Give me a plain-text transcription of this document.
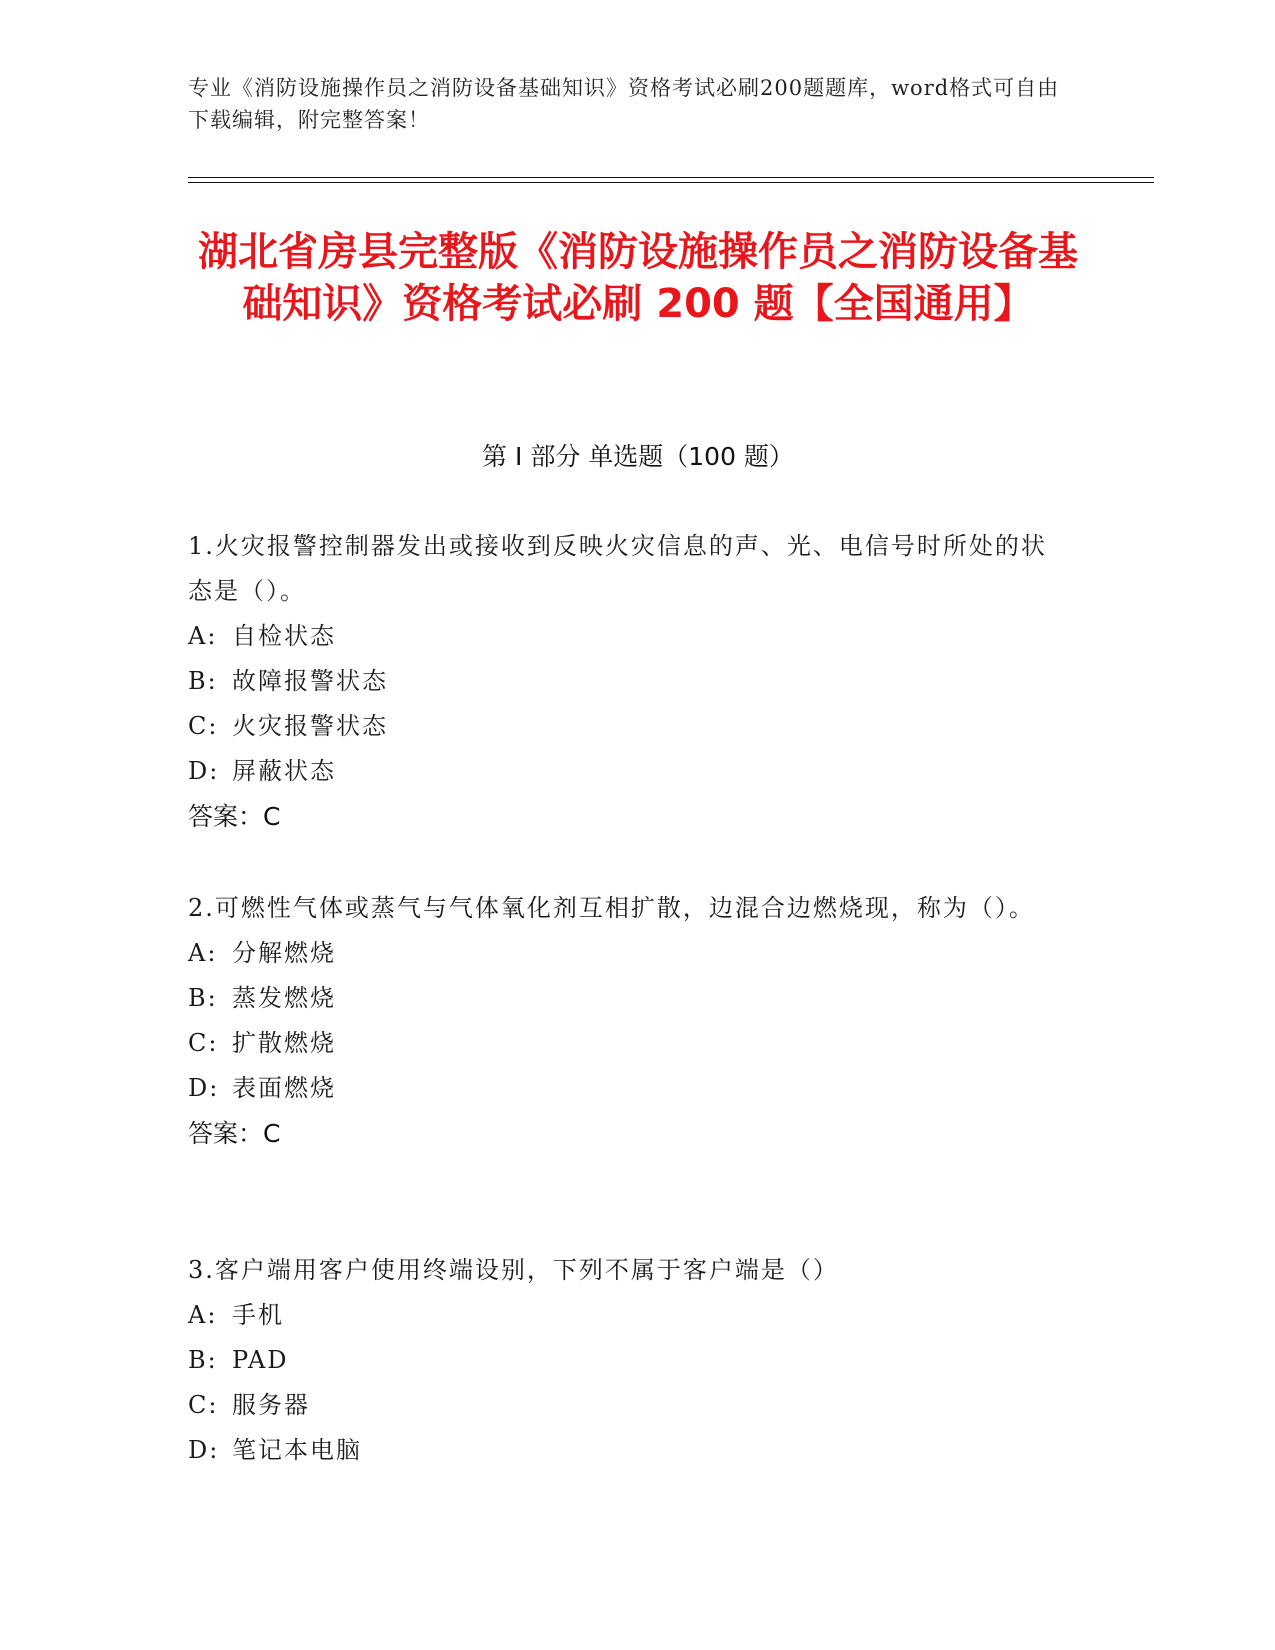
专业《消防设施操作员之消防设备基础知识》资格考试必刷200题题库，word格式可自由下载编辑，附完整答案！
湖北省房县完整版《消防设施操作员之消防设备基础知识》资格考试必刷 200 题【全国通用】
第 I 部分 单选题（100 题）
1.火灾报警控制器发出或接收到反映火灾信息的声、光、电信号时所处的状态是（）。
A: 自检状态
B: 故障报警状态
C: 火灾报警状态
D: 屏蔽状态
答案：C
2.可燃性气体或蒸气与气体氧化剂互相扩散，边混合边燃烧现，称为（）。
A: 分解燃烧
B: 蒸发燃烧
C: 扩散燃烧
D: 表面燃烧
答案：C
3.客户端用客户使用终端设别，下列不属于客户端是（）
A: 手机
B: PAD
C: 服务器
D: 笔记本电脑
